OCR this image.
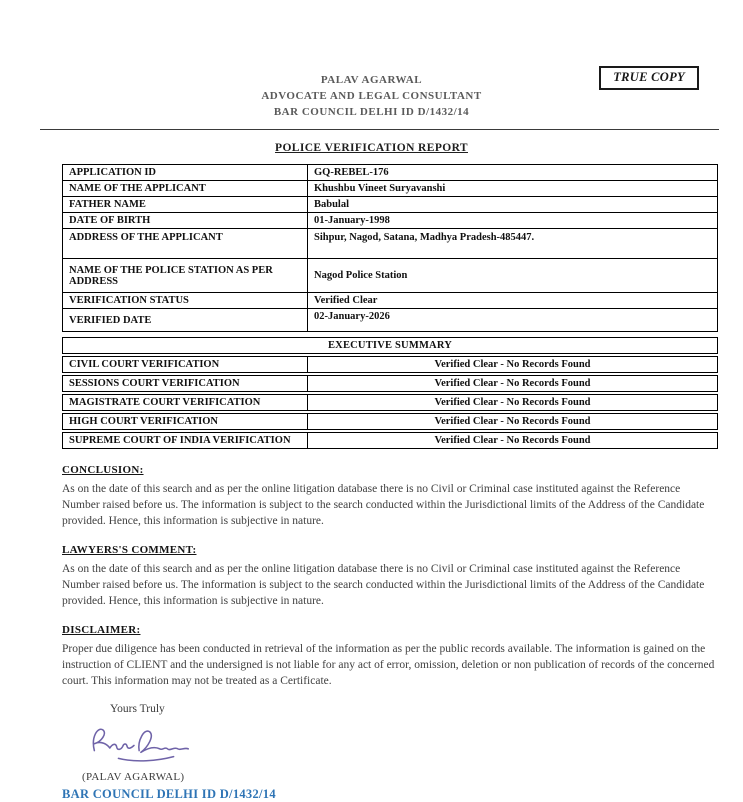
TRUE COPY
PALAV AGARWAL
ADVOCATE AND LEGAL CONSULTANT
BAR COUNCIL DELHI ID D/1432/14
POLICE VERIFICATION REPORT
APPLICATION ID	GQ-REBEL-176
NAME OF THE APPLICANT	Khushbu Vineet Suryavanshi
FATHER NAME	Babulal
DATE OF BIRTH	01-January-1998
ADDRESS OF THE APPLICANT	Sihpur, Nagod, Satana, Madhya Pradesh-485447.
NAME OF THE POLICE STATION AS PER ADDRESS	Nagod Police Station
VERIFICATION STATUS	Verified Clear
VERIFIED DATE	02-January-2026
EXECUTIVE SUMMARY
CIVIL COURT VERIFICATION	Verified Clear - No Records Found
SESSIONS COURT VERIFICATION	Verified Clear - No Records Found
MAGISTRATE COURT VERIFICATION	Verified Clear - No Records Found
HIGH COURT VERIFICATION	Verified Clear - No Records Found
SUPREME COURT OF INDIA VERIFICATION	Verified Clear - No Records Found
CONCLUSION:

As on the date of this search and as per the online litigation database there is no Civil or Criminal case instituted against the Reference Number raised before us. The information is subject to the search conducted within the Jurisdictional limits of the Address of the Candidate provided. Hence, this information is subjective in nature.

LAWYERS'S COMMENT:

As on the date of this search and as per the online litigation database there is no Civil or Criminal case instituted against the Reference Number raised before us. The information is subject to the search conducted within the Jurisdictional limits of the Address of the Candidate provided. Hence, this information is subjective in nature.

DISCLAIMER:

Proper due diligence has been conducted in retrieval of the information as per the public records available. The information is gained on the instruction of CLIENT and the undersigned is not liable for any act of error, omission, deletion or non publication of records of the concerned court. This information may not be treated as a Certificate.

Yours Truly
(PALAV AGARWAL)
BAR COUNCIL DELHI ID D/1432/14
